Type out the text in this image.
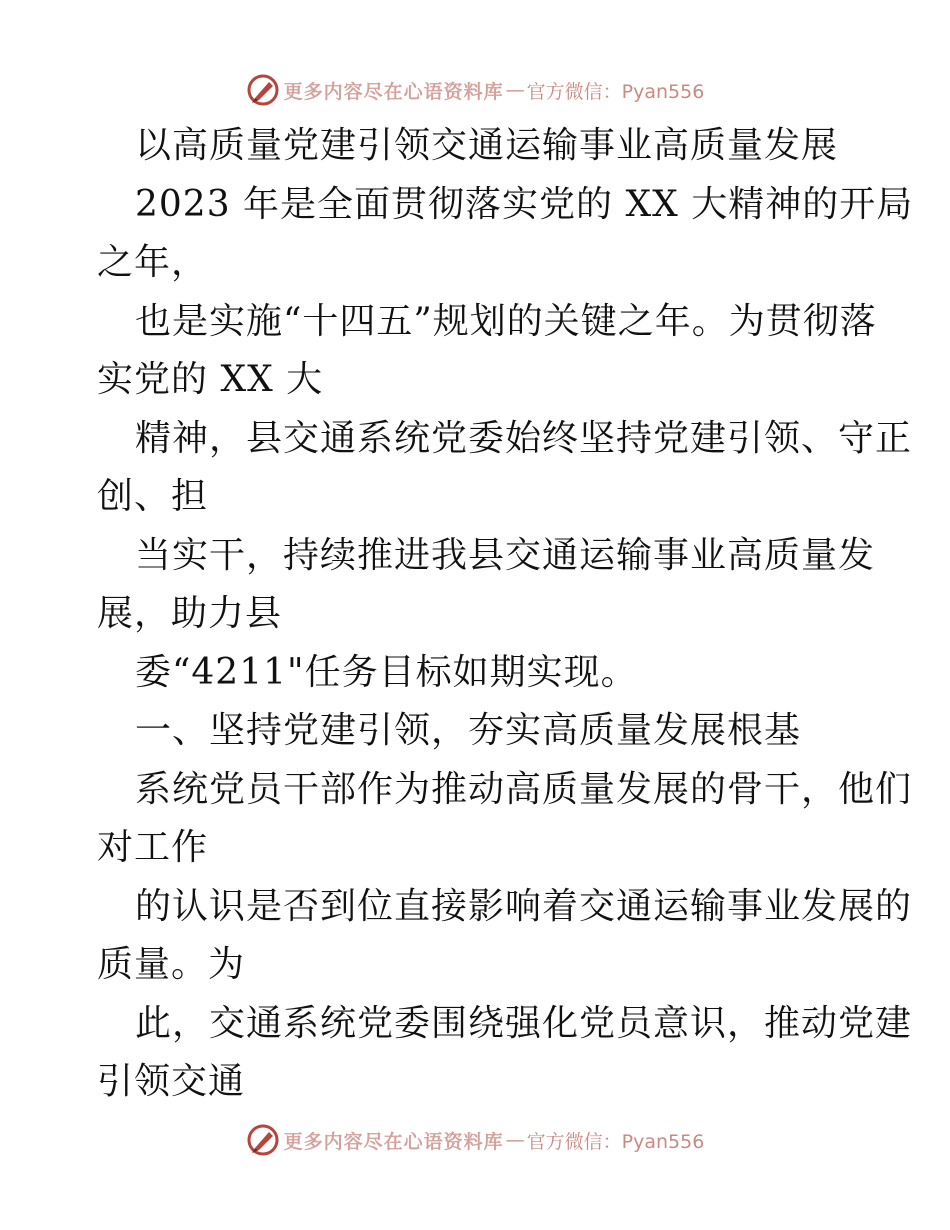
更多内容尽在心语资料库 — 官方微信：Pyan556
以高质量党建引领交通运输事业高质量发展
2023 年是全面贯彻落实党的 XX 大精神的开局
之年，
也是实施“十四五”规划的关键之年。为贯彻落
实党的 XX 大
精神，县交通系统党委始终坚持党建引领、守正
创、担
当实干，持续推进我县交通运输事业高质量发
展，助力县
委“4211"任务目标如期实现。
一、坚持党建引领，夯实高质量发展根基
系统党员干部作为推动高质量发展的骨干，他们
对工作
的认识是否到位直接影响着交通运输事业发展的
质量。为
此，交通系统党委围绕强化党员意识，推动党建
引领交通
更多内容尽在心语资料库 — 官方微信：Pyan556
